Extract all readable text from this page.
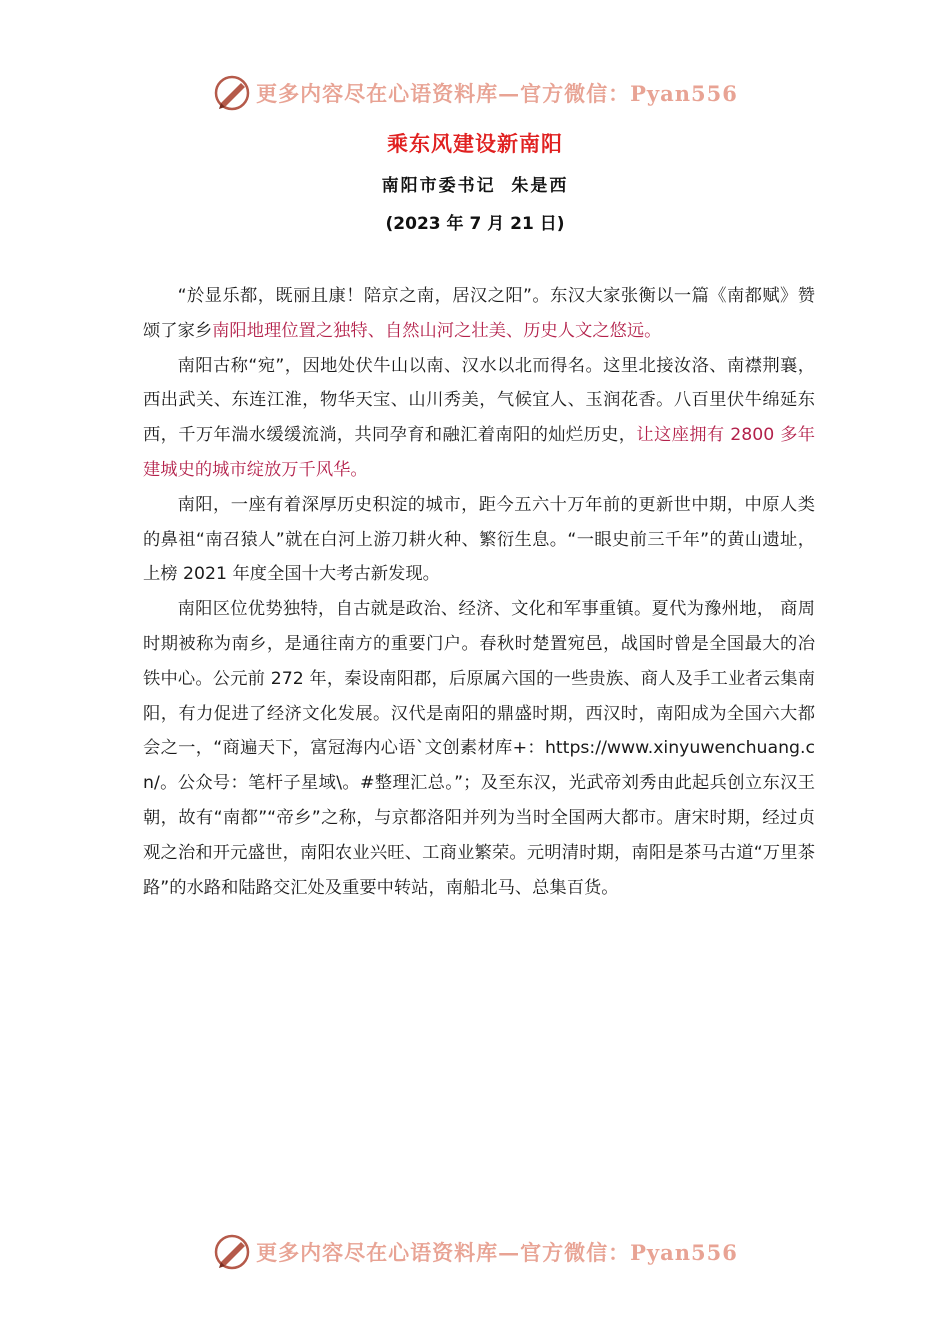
更多内容尽在心语资料库—官方微信：Pyan556
乘东风建设新南阳
南阳市委书记  朱是西
(2023 年 7 月 21 日)

“於显乐都，既丽且康！陪京之南，居汉之阳”。东汉大家张衡以一篇《南都赋》赞颂了家乡南阳地理位置之独特、自然山河之壮美、历史人文之悠远。

南阳古称“宛”，因地处伏牛山以南、汉水以北而得名。这里北接汝洛、南襟荆襄，西出武关、东连江淮，物华天宝、山川秀美，气候宜人、玉润花香。八百里伏牛绵延东西，千万年湍水缓缓流淌，共同孕育和融汇着南阳的灿烂历史，让这座拥有 2800 多年建城史的城市绽放万千风华。

南阳，一座有着深厚历史积淀的城市，距今五六十万年前的更新世中期，中原人类的鼻祖“南召猿人”就在白河上游刀耕火种、繁衍生息。“一眼史前三千年”的黄山遗址，上榜 2021 年度全国十大考古新发现。

南阳区位优势独特，自古就是政治、经济、文化和军事重镇。夏代为豫州地， 商周时期被称为南乡，是通往南方的重要门户。春秋时楚置宛邑，战国时曾是全国最大的冶铁中心。公元前 272 年，秦设南阳郡，后原属六国的一些贵族、商人及手工业者云集南阳，有力促进了经济文化发展。汉代是南阳的鼎盛时期，西汉时，南阳成为全国六大都会之一，“商遍天下，富冠海内心语`文创素材库+：https://www.xinyuwenchuang.cn/。公众号：笔杆子星域\。#整理汇总。”；及至东汉，光武帝刘秀由此起兵创立东汉王朝，故有“南都”“帝乡”之称，与京都洛阳并列为当时全国两大都市。唐宋时期，经过贞观之治和开元盛世，南阳农业兴旺、工商业繁荣。元明清时期，南阳是茶马古道“万里茶路”的水路和陆路交汇处及重要中转站，南船北马、总集百货。

更多内容尽在心语资料库—官方微信：Pyan556
